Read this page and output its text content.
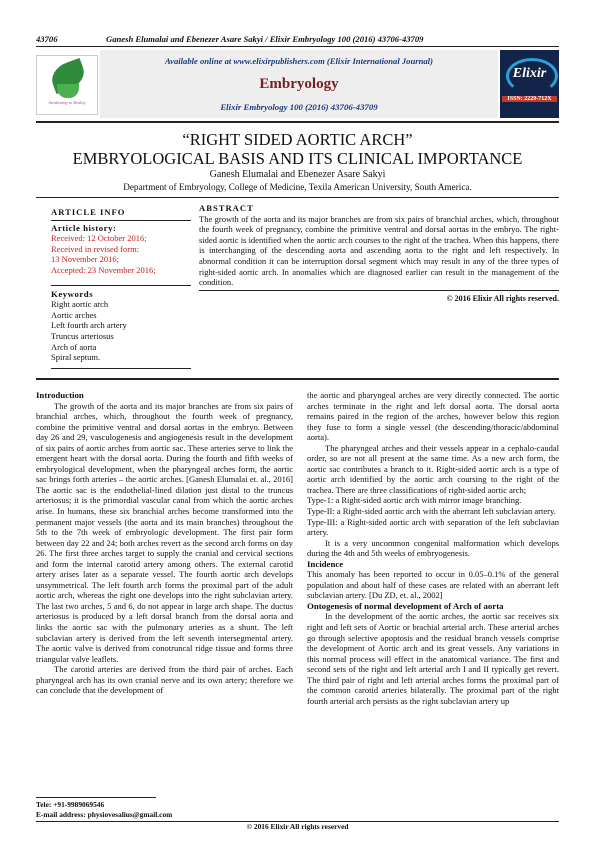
43706	Ganesh Elumalai and Ebenezer Asare Sakyi / Elixir Embryology 100 (2016) 43706-43709
Awakening to Reality
Available online at www.elixirpublishers.com (Elixir International Journal)
Embryology
Elixir Embryology 100 (2016) 43706-43709
Elixir
ISSN: 2229-712X
“RIGHT SIDED AORTIC ARCH”
EMBRYOLOGICAL BASIS AND ITS CLINICAL IMPORTANCE
Ganesh Elumalai and Ebenezer Asare Sakyi
Department of Embryology, College of Medicine, Texila American University, South America.
ARTICLE INFO
Article history:
Received: 12 October 2016;
Received in revised form:
13 November 2016;
Accepted: 23 November 2016;
Keywords
Right aortic arch
Aortic arches
Left fourth arch artery
Truncus arteriosus
Arch of aorta
Spiral septum.
ABSTRACT
The growth of the aorta and its major branches are from six pairs of branchial arches, which, throughout the fourth week of pregnancy, combine the primitive ventral and dorsal aortas in the embryo. The right-sided aortic is identified when the aortic arch courses to the right of the trachea. When this happens, there is interchanging of the descending aorta and ascending aorta to the right and left respectively. In abnormal condition it can be interruption dorsal segment which may result in any of the three types of right-sided aortic arch. In anomalies which are diagnosed earlier can result in the management of the condition.
© 2016 Elixir All rights reserved.

Introduction

The growth of the aorta and its major branches are from six pairs of branchial arches, which, throughout the fourth week of pregnancy, combine the primitive ventral and dorsal aortas in the embryo. Between day 26 and 29, vasculogenesis and angiogenesis result in the development of six pairs of aortic arches from aortic sac. These arteries serve to link the emergent heart with the dorsal aorta. During the fourth and fifth weeks of embryological development, when the pharyngeal arches form, the aortic sac brings forth arteries – the aortic arches. [Ganesh Elumalai et. al., 2016] The aortic sac is the endothelial-lined dilation just distal to the truncus arteriosus; it is the primordial vascular canal from which the aortic arches arise. In humans, these six branchial arches become transformed into the permanent major vessels (the aorta and its main branches) throughout the 5th to the 7th week of embryologic development. The first pair form between day 22 and 24; both arches revert as the second arch forms on day 26. The first three arches target to supply the cranial and cervical sections and form the internal carotid artery among others. The external carotid artery arises later as a separate vessel. The fourth aortic arch develops unsymmetrical. The left fourth arch forms the proximal part of the adult aortic arch, whereas the right one develops into the right subclavian artery. The last two arches, 5 and 6, do not appear in large arch shape. The ductus arteriosus is produced by a left dorsal branch from the dorsal aorta and links the aortic sac with the pulmonary arteries as a shunt. The left subclavian artery is derived from the left seventh intersegmental artery. The aortic valve is derived from conotruncal ridge tissue and forms three triangular valve leaflets.

The carotid arteries are derived from the third pair of arches. Each pharyngeal arch has its own cranial nerve and its own artery; therefore we can conclude that the development of

the aortic and pharyngeal arches are very directly connected. The aortic arches terminate in the right and left dorsal aorta. The dorsal aorta remains paired in the region of the arches, however below this region they fuse to form a single vessel (the descending/thoracic/abdominal aorta).

The pharyngeal arches and their vessels appear in a cephalo-caudal order, so are not all present at the same time. As a new arch form, the aortic sac contributes a branch to it. Right-sided aortic arch is a type of aortic arch identified by the aortic arch coursing to the right of the trachea. There are three classifications of right-sided aortic arch;

Type-1: a Right-sided aortic arch with mirror image branching.

Type-II: a Right-sided aortic arch with the aberrant left subclavian artery.

Type-III: a Right-sided aortic arch with separation of the left subclavian artery.

It is a very uncommon congenital malformation which develops during the 4th and 5th weeks of embryogenesis.

Incidence

This anomaly has been reported to occur in 0.05–0.1% of the general population and about half of these cases are related with an aberrant left subclavian artery. [Du ZD, et. al., 2002]

Ontogenesis of normal development of Arch of aorta

In the development of the aortic arches, the aortic sac receives six right and left sets of Aortic or brachial arterial arch. These arterial arches go through selective apoptosis and the residual branch vessels comprise the development of Aortic arch and its great vessels. Any variations in this normal process will effect in the anatomical variance. The first and second sets of the right and left arterial arch I and II typically get revert. The third pair of right and left arterial arches forms the proximal part of the common carotid arteries bilaterally. The proximal part of the right fourth arterial arch persists as the right subclavian artery up

Tele: +91-9989069546
E-mail address: physiovesalius@gmail.com
© 2016 Elixir All rights reserved
